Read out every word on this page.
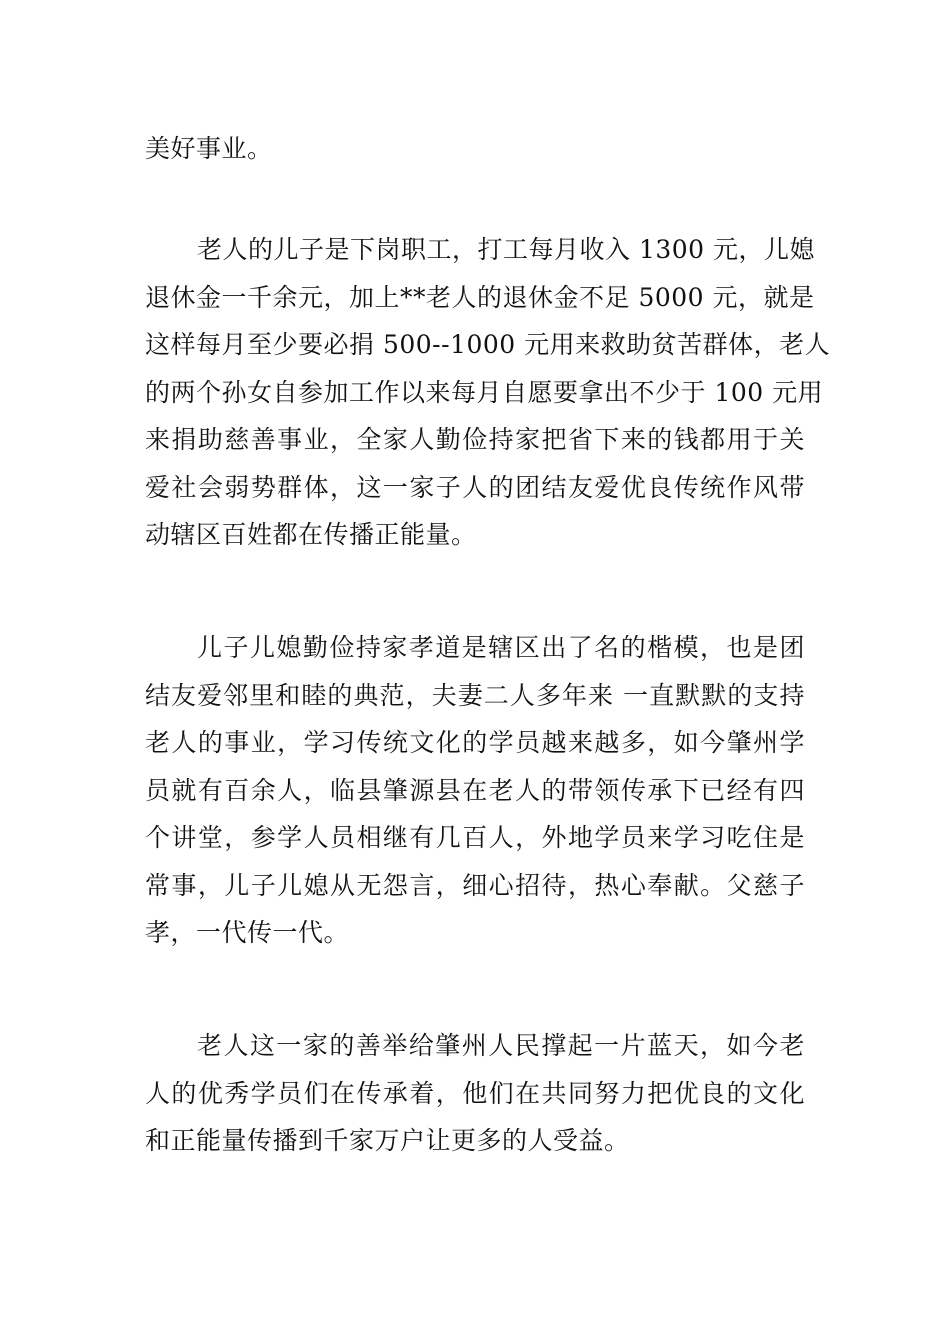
美好事业。
老人的儿子是下岗职工，打工每月收入 1300 元，儿媳
退休金一千余元，加上**老人的退休金不足 5000 元，就是
这样每月至少要必捐 500--1000 元用来救助贫苦群体，老人
的两个孙女自参加工作以来每月自愿要拿出不少于 100 元用
来捐助慈善事业，全家人勤俭持家把省下来的钱都用于关
爱社会弱势群体，这一家子人的团结友爱优良传统作风带
动辖区百姓都在传播正能量。
儿子儿媳勤俭持家孝道是辖区出了名的楷模，也是团
结友爱邻里和睦的典范，夫妻二人多年来 一直默默的支持
老人的事业，学习传统文化的学员越来越多，如今肇州学
员就有百余人，临县肇源县在老人的带领传承下已经有四
个讲堂，参学人员相继有几百人，外地学员来学习吃住是
常事，儿子儿媳从无怨言，细心招待，热心奉献。父慈子
孝，一代传一代。
老人这一家的善举给肇州人民撑起一片蓝天，如今老
人的优秀学员们在传承着，他们在共同努力把优良的文化
和正能量传播到千家万户让更多的人受益。
